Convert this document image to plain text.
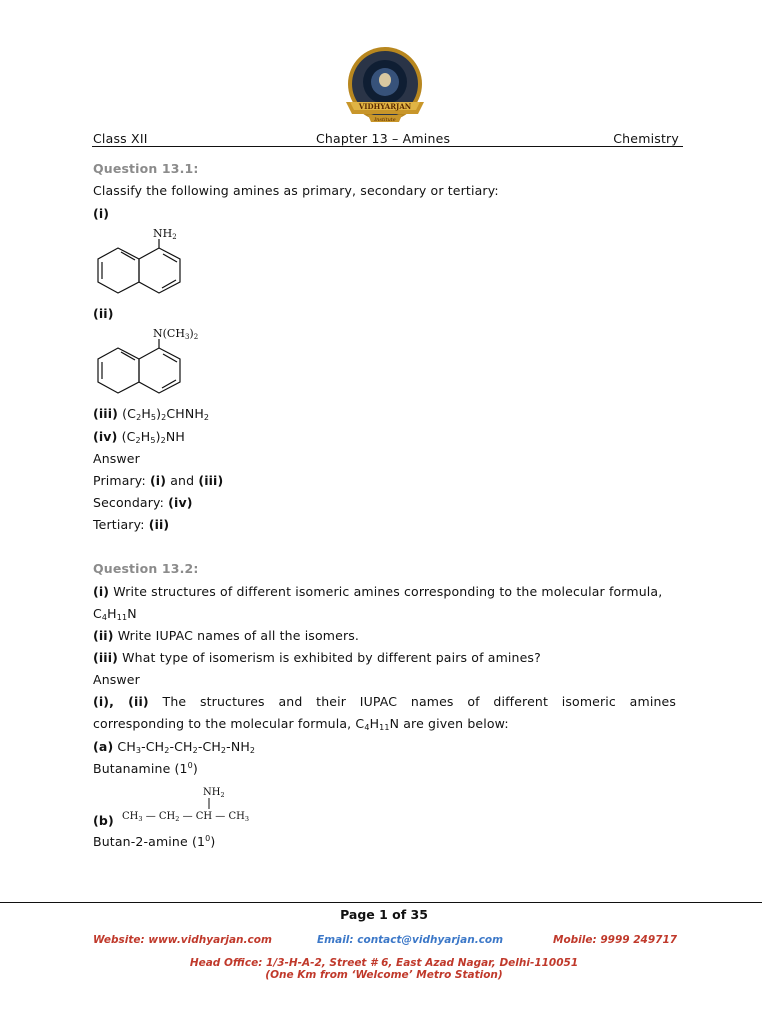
VIDHYARJAN
Institute
Class XII	Chapter 13 – Amines	Chemistry
Question 13.1:
Classify the following amines as primary, secondary or tertiary:
(i)
NH2
(ii)
N(CH3)2
(iii) $(C_2H_5)_2CHNH_2$
(iv) $(C_2H_5)_2NH$
Answer
Primary: (i) and (iii)
Secondary: (iv)
Tertiary: (ii)
Question 13.2:
(i) Write structures of different isomeric amines corresponding to the molecular formula,
$C_4H_{11}N$
(ii) Write IUPAC names of all the isomers.
(iii) What type of isomerism is exhibited by different pairs of amines?
Answer
(i), (ii) The structures and their IUPAC names of different isomeric amines
corresponding to the molecular formula, $C_4H_{11}N$ are given below:
(a) $CH_3-CH_2-CH_2-CH_2-NH_2$
Butanamine $(1^0)$
(b)
$NH_2$
$CH_3$ — $CH_2$ — CH — $CH_3$
Butan-2-amine $(1^0)$
Page 1 of 35
Website: www.vidhyarjan.com	Email: contact@vidhyarjan.com	Mobile: 9999 249717
Head Office: 1/3-H-A-2, Street # 6, East Azad Nagar, Delhi-110051
(One Km from ‘Welcome’ Metro Station)
